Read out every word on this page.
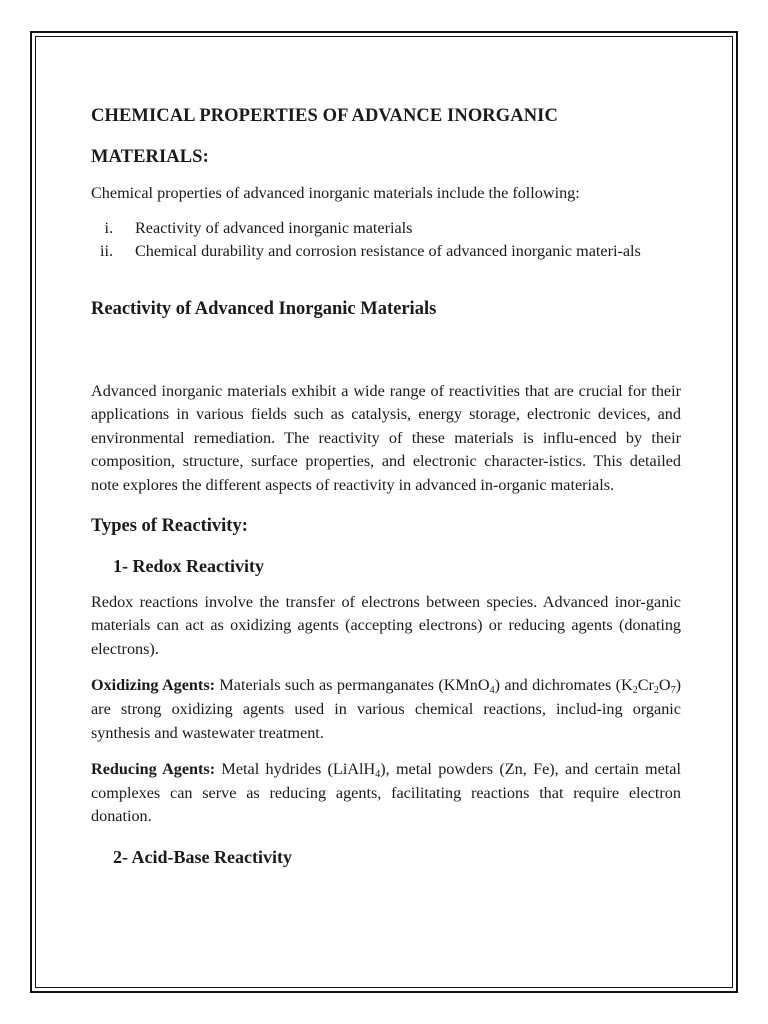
CHEMICAL PROPERTIES OF ADVANCE INORGANIC
MATERIALS:

Chemical properties of advanced inorganic materials include the following:

i. Reactivity of advanced inorganic materials
ii. Chemical durability and corrosion resistance of advanced inorganic materi-als
Reactivity of Advanced Inorganic Materials

Advanced inorganic materials exhibit a wide range of reactivities that are crucial for their applications in various fields such as catalysis, energy storage, electronic devices, and environmental remediation. The reactivity of these materials is influ-enced by their composition, structure, surface properties, and electronic character-istics. This detailed note explores the different aspects of reactivity in advanced in-organic materials.

Types of Reactivity:
1- Redox Reactivity

Redox reactions involve the transfer of electrons between species. Advanced inor-ganic materials can act as oxidizing agents (accepting electrons) or reducing agents (donating electrons).

Oxidizing Agents: Materials such as permanganates (KMnO$_4$) and dichromates $(K_2Cr_2O_7)$ are strong oxidizing agents used in various chemical reactions, includ-ing organic synthesis and wastewater treatment.

Reducing Agents: Metal hydrides (LiAlH$_4$), metal powders (Zn, Fe), and certain metal complexes can serve as reducing agents, facilitating reactions that require electron donation.

2- Acid-Base Reactivity
